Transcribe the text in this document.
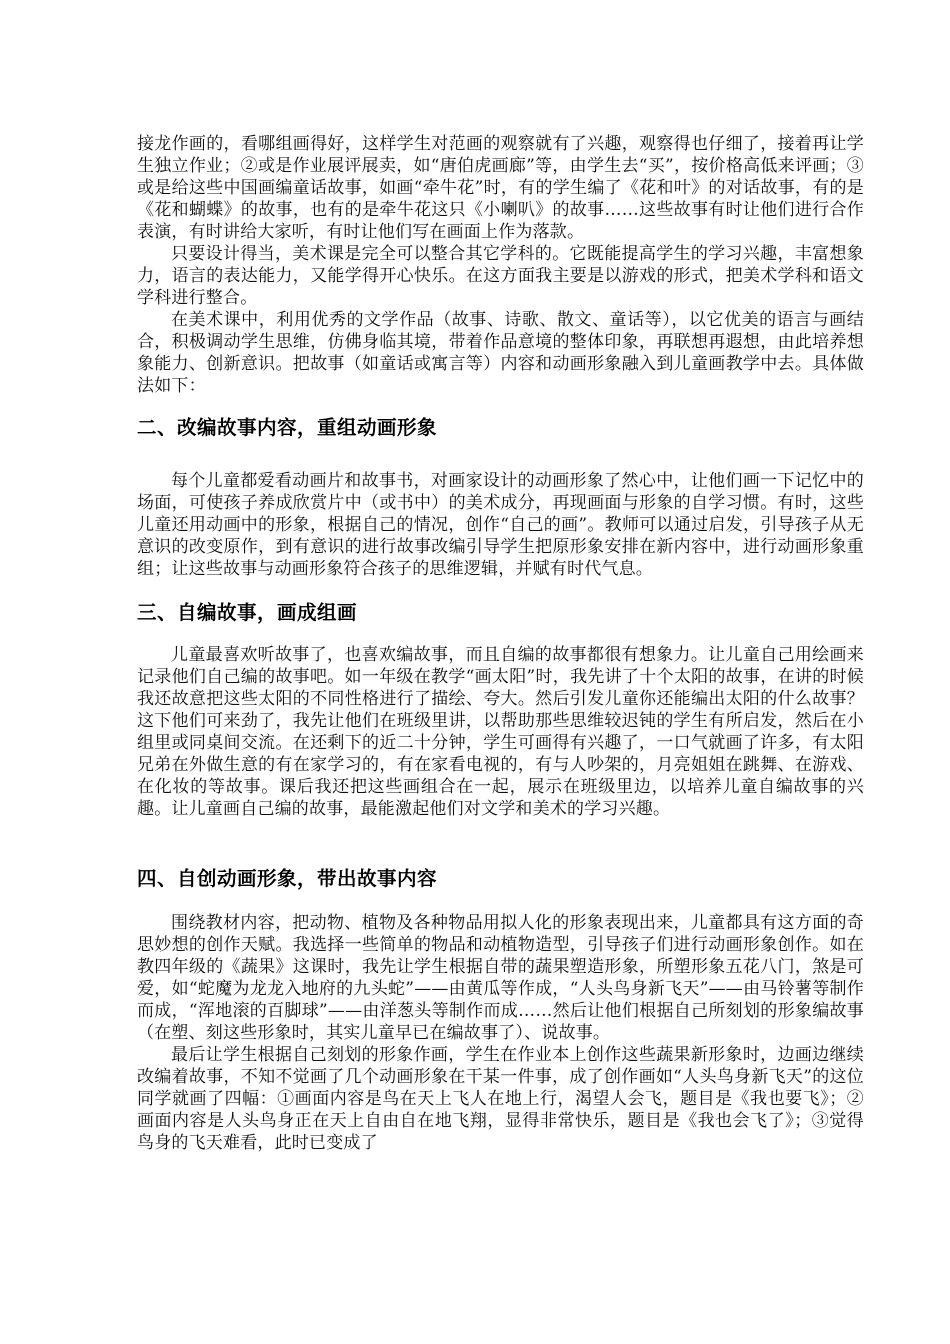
接龙作画的，看哪组画得好，这样学生对范画的观察就有了兴趣，观察得也仔细了，接着再让学生独立作业；②或是作业展评展卖，如“唐伯虎画廊”等，由学生去“买”，按价格高低来评画；③或是给这些中国画编童话故事，如画“牵牛花”时，有的学生编了《花和叶》的对话故事，有的是《花和蝴蝶》的故事，也有的是牵牛花这只《小喇叭》的故事……这些故事有时让他们进行合作表演，有时讲给大家听，有时让他们写在画面上作为落款。

只要设计得当，美术课是完全可以整合其它学科的。它既能提高学生的学习兴趣，丰富想象力，语言的表达能力，又能学得开心快乐。在这方面我主要是以游戏的形式，把美术学科和语文学科进行整合。

在美术课中，利用优秀的文学作品（故事、诗歌、散文、童话等），以它优美的语言与画结合，积极调动学生思维，仿佛身临其境，带着作品意境的整体印象，再联想再遐想，由此培养想象能力、创新意识。把故事（如童话或寓言等）内容和动画形象融入到儿童画教学中去。具体做法如下：

二、改编故事内容，重组动画形象

每个儿童都爱看动画片和故事书，对画家设计的动画形象了然心中，让他们画一下记忆中的场面，可使孩子养成欣赏片中（或书中）的美术成分，再现画面与形象的自学习惯。有时，这些儿童还用动画中的形象，根据自己的情况，创作“自己的画”。教师可以通过启发，引导孩子从无意识的改变原作，到有意识的进行故事改编引导学生把原形象安排在新内容中，进行动画形象重组；让这些故事与动画形象符合孩子的思维逻辑，并赋有时代气息。

三、自编故事，画成组画

儿童最喜欢听故事了，也喜欢编故事，而且自编的故事都很有想象力。让儿童自己用绘画来记录他们自己编的故事吧。如一年级在教学“画太阳”时，我先讲了十个太阳的故事，在讲的时候我还故意把这些太阳的不同性格进行了描绘、夸大。然后引发儿童你还能编出太阳的什么故事？这下他们可来劲了，我先让他们在班级里讲，以帮助那些思维较迟钝的学生有所启发，然后在小组里或同桌间交流。在还剩下的近二十分钟，学生可画得有兴趣了，一口气就画了许多，有太阳兄弟在外做生意的有在家学习的，有在家看电视的，有与人吵架的，月亮姐姐在跳舞、在游戏、在化妆的等故事。课后我还把这些画组合在一起，展示在班级里边，以培养儿童自编故事的兴趣。让儿童画自己编的故事，最能激起他们对文学和美术的学习兴趣。

四、自创动画形象，带出故事内容

围绕教材内容，把动物、植物及各种物品用拟人化的形象表现出来，儿童都具有这方面的奇思妙想的创作天赋。我选择一些简单的物品和动植物造型，引导孩子们进行动画形象创作。如在教四年级的《蔬果》这课时，我先让学生根据自带的蔬果塑造形象，所塑形象五花八门，煞是可爱，如“蛇魔为龙龙入地府的九头蛇”——由黄瓜等作成，“人头鸟身新飞天”——由马铃薯等制作而成，“浑地滚的百脚球”——由洋葱头等制作而成……然后让他们根据自己所刻划的形象编故事（在塑、刻这些形象时，其实儿童早已在编故事了）、说故事。

最后让学生根据自己刻划的形象作画，学生在作业本上创作这些蔬果新形象时，边画边继续改编着故事，不知不觉画了几个动画形象在干某一件事，成了创作画如“人头鸟身新飞天”的这位同学就画了四幅：①画面内容是鸟在天上飞人在地上行，渴望人会飞，题目是《我也要飞》；②画面内容是人头鸟身正在天上自由自在地飞翔，显得非常快乐，题目是《我也会飞了》；③觉得鸟身的飞天难看，此时已变成了
